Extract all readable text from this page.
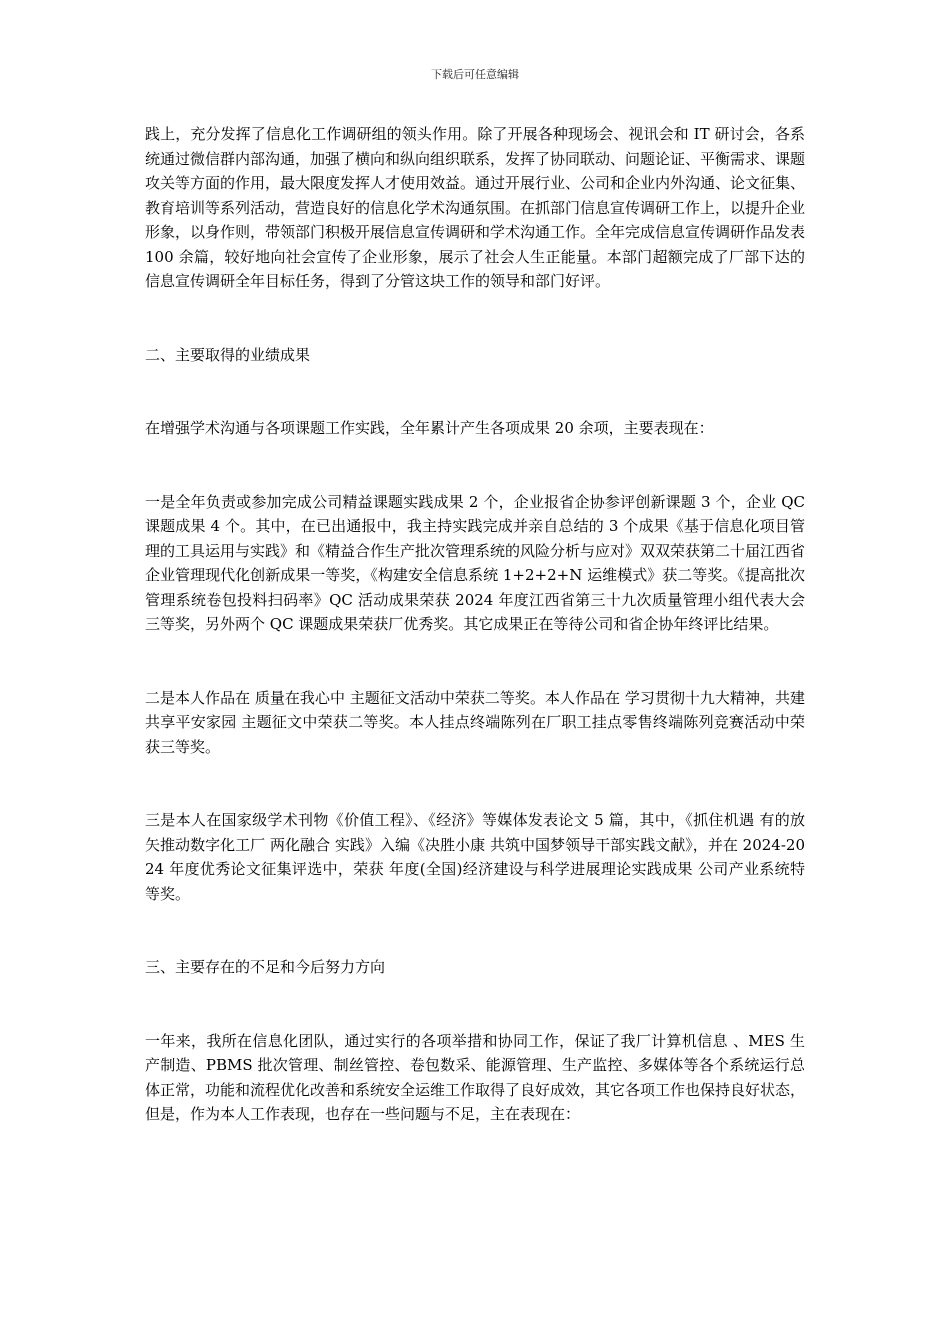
下载后可任意编辑

践上，充分发挥了信息化工作调研组的领头作用。除了开展各种现场会、视讯会和 IT 研讨会，各系统通过微信群内部沟通，加强了横向和纵向组织联系，发挥了协同联动、问题论证、平衡需求、课题攻关等方面的作用，最大限度发挥人才使用效益。通过开展行业、公司和企业内外沟通、论文征集、教育培训等系列活动，营造良好的信息化学术沟通氛围。在抓部门信息宣传调研工作上，以提升企业形象，以身作则，带领部门积极开展信息宣传调研和学术沟通工作。全年完成信息宣传调研作品发表 100 余篇，较好地向社会宣传了企业形象，展示了社会人生正能量。本部门超额完成了厂部下达的信息宣传调研全年目标任务，得到了分管这块工作的领导和部门好评。

二、主要取得的业绩成果

在增强学术沟通与各项课题工作实践，全年累计产生各项成果 20 余项，主要表现在：

一是全年负责或参加完成公司精益课题实践成果 2 个，企业报省企协参评创新课题 3 个，企业 QC 课题成果 4 个。其中，在已出通报中，我主持实践完成并亲自总结的 3 个成果《基于信息化项目管理的工具运用与实践》和《精益合作生产批次管理系统的风险分析与应对》双双荣获第二十届江西省企业管理现代化创新成果一等奖，《构建安全信息系统 1+2+2+N 运维模式》获二等奖。《提高批次管理系统卷包投料扫码率》QC 活动成果荣获 2024 年度江西省第三十九次质量管理小组代表大会三等奖，另外两个 QC 课题成果荣获厂优秀奖。其它成果正在等待公司和省企协年终评比结果。

二是本人作品在 质量在我心中 主题征文活动中荣获二等奖。本人作品在 学习贯彻十九大精神，共建共享平安家园 主题征文中荣获二等奖。本人挂点终端陈列在厂职工挂点零售终端陈列竞赛活动中荣获三等奖。

三是本人在国家级学术刊物《价值工程》、《经济》等媒体发表论文 5 篇，其中，《抓住机遇 有的放矢推动数字化工厂 两化融合 实践》入编《决胜小康 共筑中国梦领导干部实践文献》，并在 2024-2024 年度优秀论文征集评选中，荣获 年度(全国)经济建设与科学进展理论实践成果 公司产业系统特等奖。

三、主要存在的不足和今后努力方向

一年来，我所在信息化团队，通过实行的各项举措和协同工作，保证了我厂计算机信息 、MES 生产制造、PBMS 批次管理、制丝管控、卷包数采、能源管理、生产监控、多媒体等各个系统运行总体正常，功能和流程优化改善和系统安全运维工作取得了良好成效，其它各项工作也保持良好状态，但是，作为本人工作表现，也存在一些问题与不足，主在表现在：
